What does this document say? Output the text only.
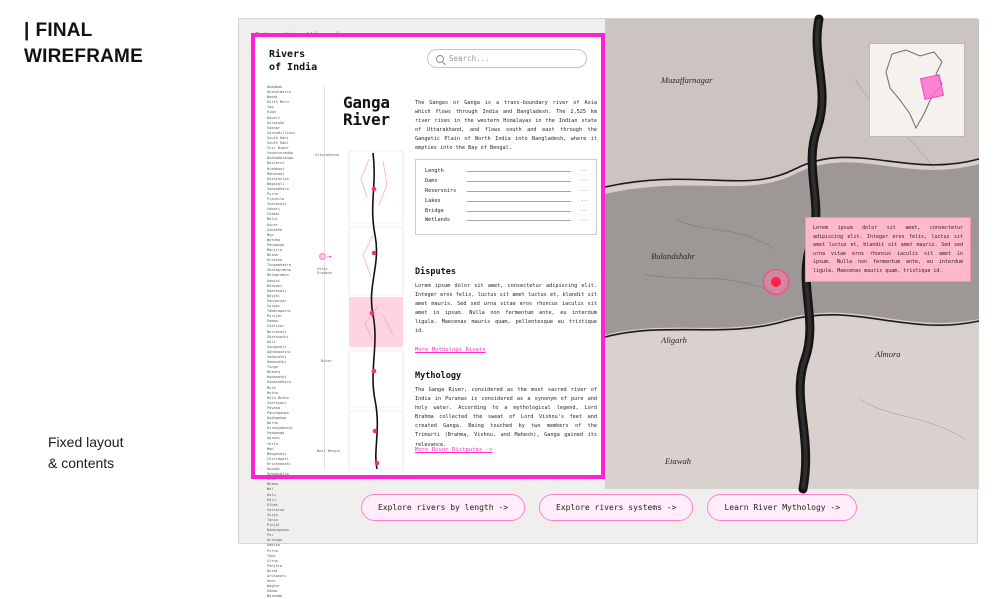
| FINAL
WIREFRAME
Fixed layout
& contents

Rivers
of India
Search...
Kaddbak
Kushalmatre
Naddi
Gorth Moru
Jog
Kima
Kaveri
Golasukh
Soonar
Sarvadillions
South Kani
South Raal
Chir Wiper
Vedarunradda
Budhabalanga
Baitarni
Brahmani
Mahanadi
Rushikulya
Nagavali
Vamsadhara
Purna
Pranhita
Indravati
Sabari
Chabal
Malur
Kunar
Ashokhe
Mup
Wardha
Penganga
Manjira
Bhima
Krishna
Tungabhadra
Ghataprabha
Malaprabha
Kabini
Bhavani
Amaravati
Noyyal
Ponnaiyar
Vaigai
Tambraparni
Periyar
Pamba
Chaliyar
Netravati
Sharavathi
Kali
Gangavali
Aghanashini
Vedavathi
Hemavathi
Tunga
Bhadra
Hadanathi
Kumaradhara
Mula
Mutha
Mula Mutha
Indrayani
Pavana
Panchganga
Dudhganga
Warna
Hiranyakeshi
Vedganga
Agrani
Yerla
Man
Bhogavati
Chitrapati
Krishnavati
Kukadi
Kukadibila
Ghod
Bhama
Wel
Kalu
Kalu
Ulhas
Vaitarna
Surya
Tansa
Pinjal
Damanganga
Par
Auranga
Ambika
Purna
Tapi
Girna
Panjhra
Burai
Arunavati
Aner
Waghur
Gomai
Narmada
→
Uttarakhand
Uttar Pradesh
Bihar
West Bengal
Ganga
River
The Ganges or Ganga is a trans-boundary river of Asia which flows through India and Bangladesh. The 2,525 km river rises in the western Himalayas in the Indian state of Uttarakhand, and flows south and east through the Gangetic Plain of North India into Bangladesh, where it empties into the Bay of Bengal.
Length	--
Dams	--
Reservoirs	--
Lakes	--
Bridge	--
Wetlands	--
Disputes
Lorem ipsum dolor sit amet, consectetur adipiscing elit. Integer eros felis, luctus sit amet luctus et, blandit sit amet mauris. Sed sed urna vitae eros rhoncus iaculis sit amet in ipsum. Nulla non fermentum ante, eu interdum ligula. Maecenas mauris quam, pellentesque eu tristique id.
More Mythologi Rivers
Mythology
The Ganga River, considered as the most sacred river of India in Puranas is considered as a synonym of pure and holy water. According to a mythological legend, Lord Brahma collected the sweat of Lord Vishnu's feet and created Ganga. Being touched by two members of the Trimurti (Brahma, Vishnu, and Mahesh), Ganga gained its relevance.
More River Distputes ->
Muzaffarnagar
Bulandshahr
Aligarh
Almora
Etawah
Lorem ipsum dolor sit amet, consectetur adipiscing elit. Integer eros felis, luctus sit amet luctus et, blandit sit amet mauris. Sed sed urna vitae eros rhoncus iaculis sit amet in ipsum. Nulla non fermentum ante, eu interdum ligula. Maecenas mauris quam, tristique id.
Explore rivers by length ->	Explore rivers systems ->	Learn River Mythology ->
